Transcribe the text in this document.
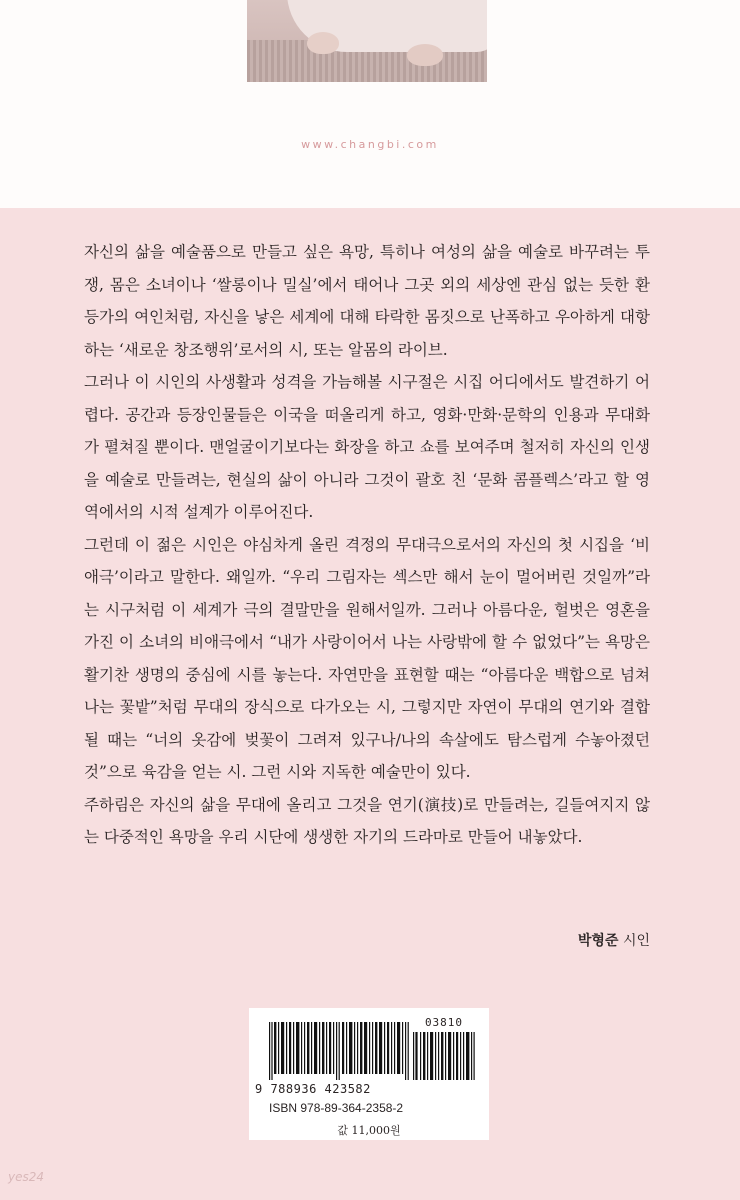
www.changbi.com

자신의 삶을 예술품으로 만들고 싶은 욕망, 특히나 여성의 삶을 예술로 바꾸려는 투쟁, 몸은 소녀이나 ‘쌀롱이나 밀실’에서 태어나 그곳 외의 세상엔 관심 없는 듯한 환등가의 여인처럼, 자신을 낳은 세계에 대해 타락한 몸짓으로 난폭하고 우아하게 대항하는 ‘새로운 창조행위’로서의 시, 또는 알몸의 라이브.

그러나 이 시인의 사생활과 성격을 가늠해볼 시구절은 시집 어디에서도 발견하기 어렵다. 공간과 등장인물들은 이국을 떠올리게 하고, 영화·만화·문학의 인용과 무대화가 펼쳐질 뿐이다. 맨얼굴이기보다는 화장을 하고 쇼를 보여주며 철저히 자신의 인생을 예술로 만들려는, 현실의 삶이 아니라 그것이 괄호 친 ‘문화 콤플렉스’라고 할 영역에서의 시적 설계가 이루어진다.

그런데 이 젊은 시인은 야심차게 올린 격정의 무대극으로서의 자신의 첫 시집을 ‘비애극’이라고 말한다. 왜일까. “우리 그림자는 섹스만 해서 눈이 멀어버린 것일까”라는 시구처럼 이 세계가 극의 결말만을 원해서일까. 그러나 아름다운, 헐벗은 영혼을 가진 이 소녀의 비애극에서 “내가 사랑이어서 나는 사랑밖에 할 수 없었다”는 욕망은 활기찬 생명의 중심에 시를 놓는다. 자연만을 표현할 때는 “아름다운 백합으로 넘쳐나는 꽃밭”처럼 무대의 장식으로 다가오는 시, 그렇지만 자연이 무대의 연기와 결합될 때는 “너의 옷감에 벚꽃이 그려져 있구나/나의 속살에도 탐스럽게 수놓아졌던 것”으로 육감을 얻는 시. 그런 시와 지독한 예술만이 있다.

주하림은 자신의 삶을 무대에 올리고 그것을 연기(演技)로 만들려는, 길들여지지 않는 다중적인 욕망을 우리 시단에 생생한 자기의 드라마로 만들어 내놓았다.

박형준 시인
03810
9 788936 423582
ISBN 978-89-364-2358-2
값 11,000원
yes24
